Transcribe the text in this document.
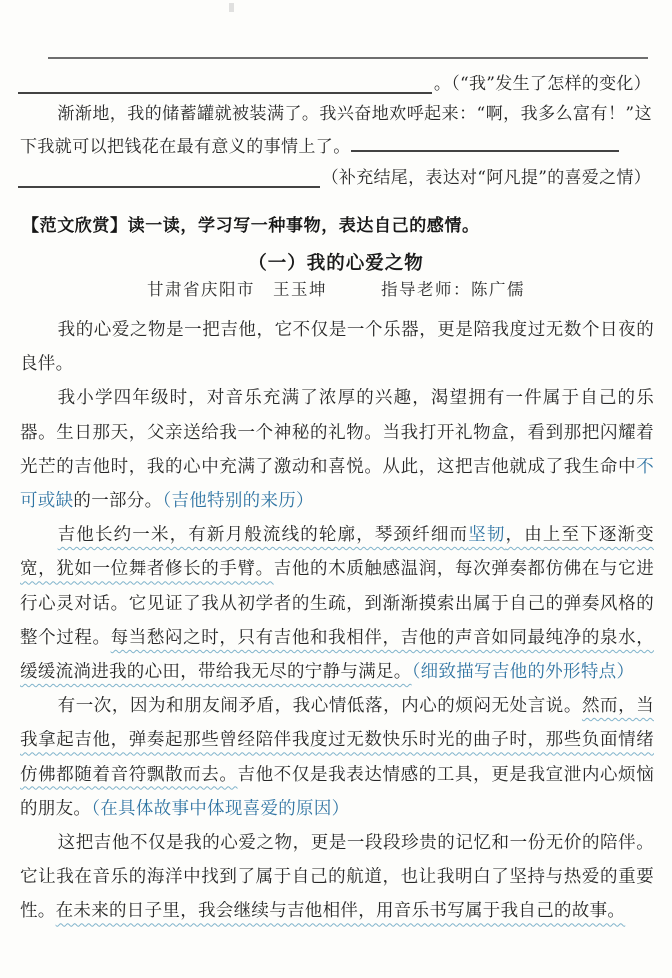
。（“我”发生了怎样的变化）

渐渐地，我的储蓄罐就被装满了。我兴奋地欢呼起来：“啊，我多么富有！”这下我就可以把钱花在最有意义的事情上了。

（补充结尾，表达对“阿凡提”的喜爱之情）
【范文欣赏】读一读，学习写一种事物，表达自己的感情。
（一）我的心爱之物
甘肃省庆阳市　王玉坤　　　指导老师：陈广儒

我的心爱之物是一把吉他，它不仅是一个乐器，更是陪我度过无数个日夜的良伴。

我小学四年级时，对音乐充满了浓厚的兴趣，渴望拥有一件属于自己的乐器。生日那天，父亲送给我一个神秘的礼物。当我打开礼物盒，看到那把闪耀着光芒的吉他时，我的心中充满了激动和喜悦。从此，这把吉他就成了我生命中不可或缺的一部分。（吉他特别的来历）

吉他长约一米，有新月般流线的轮廓，琴颈纤细而坚韧，由上至下逐渐变宽，犹如一位舞者修长的手臂。吉他的木质触感温润，每次弹奏都仿佛在与它进行心灵对话。它见证了我从初学者的生疏，到渐渐摸索出属于自己的弹奏风格的整个过程。每当愁闷之时，只有吉他和我相伴，吉他的声音如同最纯净的泉水，缓缓流淌进我的心田，带给我无尽的宁静与满足。（细致描写吉他的外形特点）

有一次，因为和朋友闹矛盾，我心情低落，内心的烦闷无处言说。然而，当我拿起吉他，弹奏起那些曾经陪伴我度过无数快乐时光的曲子时，那些负面情绪仿佛都随着音符飘散而去。吉他不仅是我表达情感的工具，更是我宣泄内心烦恼的朋友。（在具体故事中体现喜爱的原因）

这把吉他不仅是我的心爱之物，更是一段段珍贵的记忆和一份无价的陪伴。它让我在音乐的海洋中找到了属于自己的航道，也让我明白了坚持与热爱的重要性。在未来的日子里，我会继续与吉他相伴，用音乐书写属于我自己的故事。
